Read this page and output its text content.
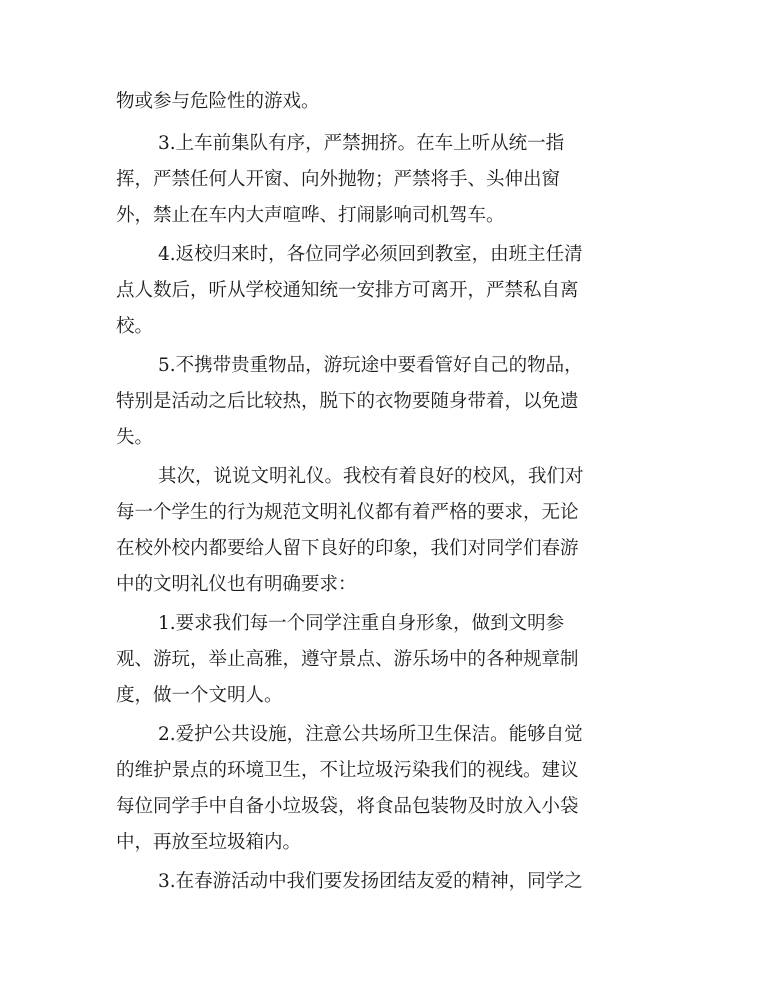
物或参与危险性的游戏。

3.上车前集队有序，严禁拥挤。在车上听从统一指

挥，严禁任何人开窗、向外抛物；严禁将手、头伸出窗

外，禁止在车内大声喧哗、打闹影响司机驾车。

4.返校归来时，各位同学必须回到教室，由班主任清

点人数后，听从学校通知统一安排方可离开，严禁私自离

校。

5.不携带贵重物品，游玩途中要看管好自己的物品，

特别是活动之后比较热，脱下的衣物要随身带着，以免遗

失。

其次，说说文明礼仪。我校有着良好的校风，我们对

每一个学生的行为规范文明礼仪都有着严格的要求，无论

在校外校内都要给人留下良好的印象，我们对同学们春游

中的文明礼仪也有明确要求：

1.要求我们每一个同学注重自身形象，做到文明参

观、游玩，举止高雅，遵守景点、游乐场中的各种规章制

度，做一个文明人。

2.爱护公共设施，注意公共场所卫生保洁。能够自觉

的维护景点的环境卫生，不让垃圾污染我们的视线。建议

每位同学手中自备小垃圾袋，将食品包装物及时放入小袋

中，再放至垃圾箱内。

3.在春游活动中我们要发扬团结友爱的精神，同学之
